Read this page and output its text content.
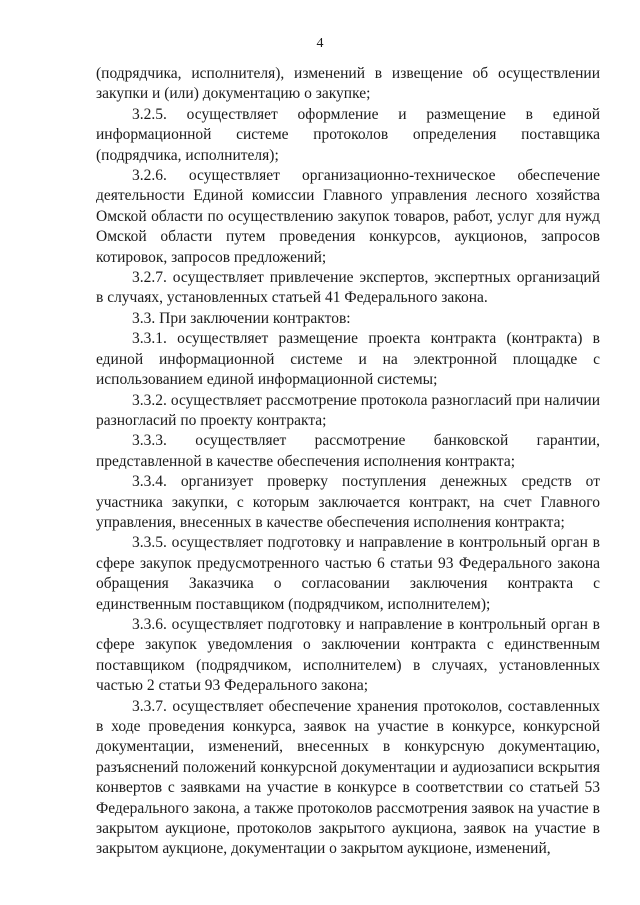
4

(подрядчика, исполнителя), изменений в извещение об осуществлении закупки и (или) документацию о закупке;

3.2.5. осуществляет оформление и размещение в единой информационной системе протоколов определения поставщика (подрядчика, исполнителя);

3.2.6. осуществляет организационно-техническое обеспечение деятельности Единой комиссии Главного управления лесного хозяйства Омской области по осуществлению закупок товаров, работ, услуг для нужд Омской области путем проведения конкурсов, аукционов, запросов котировок, запросов предложений;

3.2.7. осуществляет привлечение экспертов, экспертных организаций в случаях, установленных статьей 41 Федерального закона.

3.3. При заключении контрактов:

3.3.1. осуществляет размещение проекта контракта (контракта) в единой информационной системе и на электронной площадке с использованием единой информационной системы;

3.3.2. осуществляет рассмотрение протокола разногласий при наличии разногласий по проекту контракта;

3.3.3. осуществляет рассмотрение банковской гарантии, представленной в качестве обеспечения исполнения контракта;

3.3.4. организует проверку поступления денежных средств от участника закупки, с которым заключается контракт, на счет Главного управления, внесенных в качестве обеспечения исполнения контракта;

3.3.5. осуществляет подготовку и направление в контрольный орган в сфере закупок предусмотренного частью 6 статьи 93 Федерального закона обращения Заказчика о согласовании заключения контракта с единственным поставщиком (подрядчиком, исполнителем);

3.3.6. осуществляет подготовку и направление в контрольный орган в сфере закупок уведомления о заключении контракта с единственным поставщиком (подрядчиком, исполнителем) в случаях, установленных частью 2 статьи 93 Федерального закона;

3.3.7. осуществляет обеспечение хранения протоколов, составленных в ходе проведения конкурса, заявок на участие в конкурсе, конкурсной документации, изменений, внесенных в конкурсную документацию, разъяснений положений конкурсной документации и аудиозаписи вскрытия конвертов с заявками на участие в конкурсе в соответствии со статьей 53 Федерального закона, а также протоколов рассмотрения заявок на участие в закрытом аукционе, протоколов закрытого аукциона, заявок на участие в закрытом аукционе, документации о закрытом аукционе, изменений,
